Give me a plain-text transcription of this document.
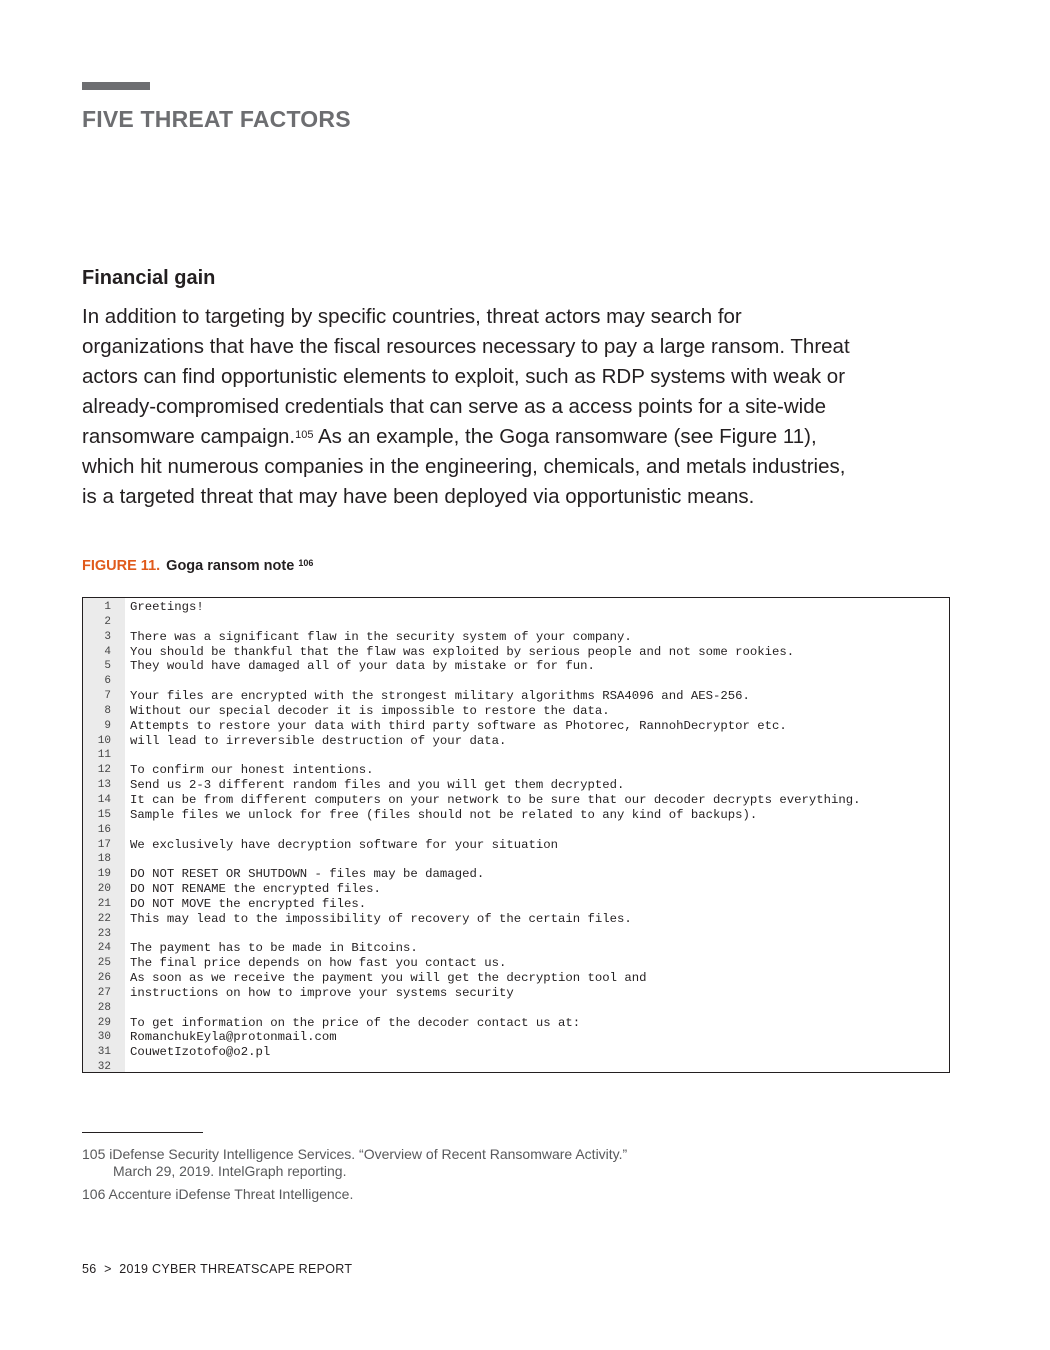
FIVE THREAT FACTORS
Financial gain

In addition to targeting by specific countries, threat actors may search for organizations that have the fiscal resources necessary to pay a large ransom. Threat actors can find opportunistic elements to exploit, such as RDP systems with weak or already-compromised credentials that can serve as a access points for a site-wide ransomware campaign.$^{105}$ As an example, the Goga ransomware (see Figure 11), which hit numerous companies in the engineering, chemicals, and metals industries, is a targeted threat that may have been deployed via opportunistic means.

FIGURE 11. Goga ransom note $^{106}$

1 Greetings!
2
3 There was a significant flaw in the security system of your company.
4 You should be thankful that the flaw was exploited by serious people and not some rookies.
5 They would have damaged all of your data by mistake or for fun.
6
7 Your files are encrypted with the strongest military algorithms RSA4096 and AES-256.
8 Without our special decoder it is impossible to restore the data.
9 Attempts to restore your data with third party software as Photorec, RannohDecryptor etc.
10 will lead to irreversible destruction of your data.
11
12 To confirm our honest intentions.
13 Send us 2-3 different random files and you will get them decrypted.
14 It can be from different computers on your network to be sure that our decoder decrypts everything.
15 Sample files we unlock for free (files should not be related to any kind of backups).
16
17 We exclusively have decryption software for your situation
18
19 DO NOT RESET OR SHUTDOWN - files may be damaged.
20 DO NOT RENAME the encrypted files.
21 DO NOT MOVE the encrypted files.
22 This may lead to the impossibility of recovery of the certain files.
23
24 The payment has to be made in Bitcoins.
25 The final price depends on how fast you contact us.
26 As soon as we receive the payment you will get the decryption tool and
27 instructions on how to improve your systems security
28
29 To get information on the price of the decoder contact us at:
30 RomanchukEyla@protonmail.com
31 CouwetIzotofo@o2.pl
32

105 iDefense Security Intelligence Services. “Overview of Recent Ransomware Activity.”
March 29, 2019. IntelGraph reporting.

106 Accenture iDefense Threat Intelligence.

56 > 2019 CYBER THREATSCAPE REPORT
